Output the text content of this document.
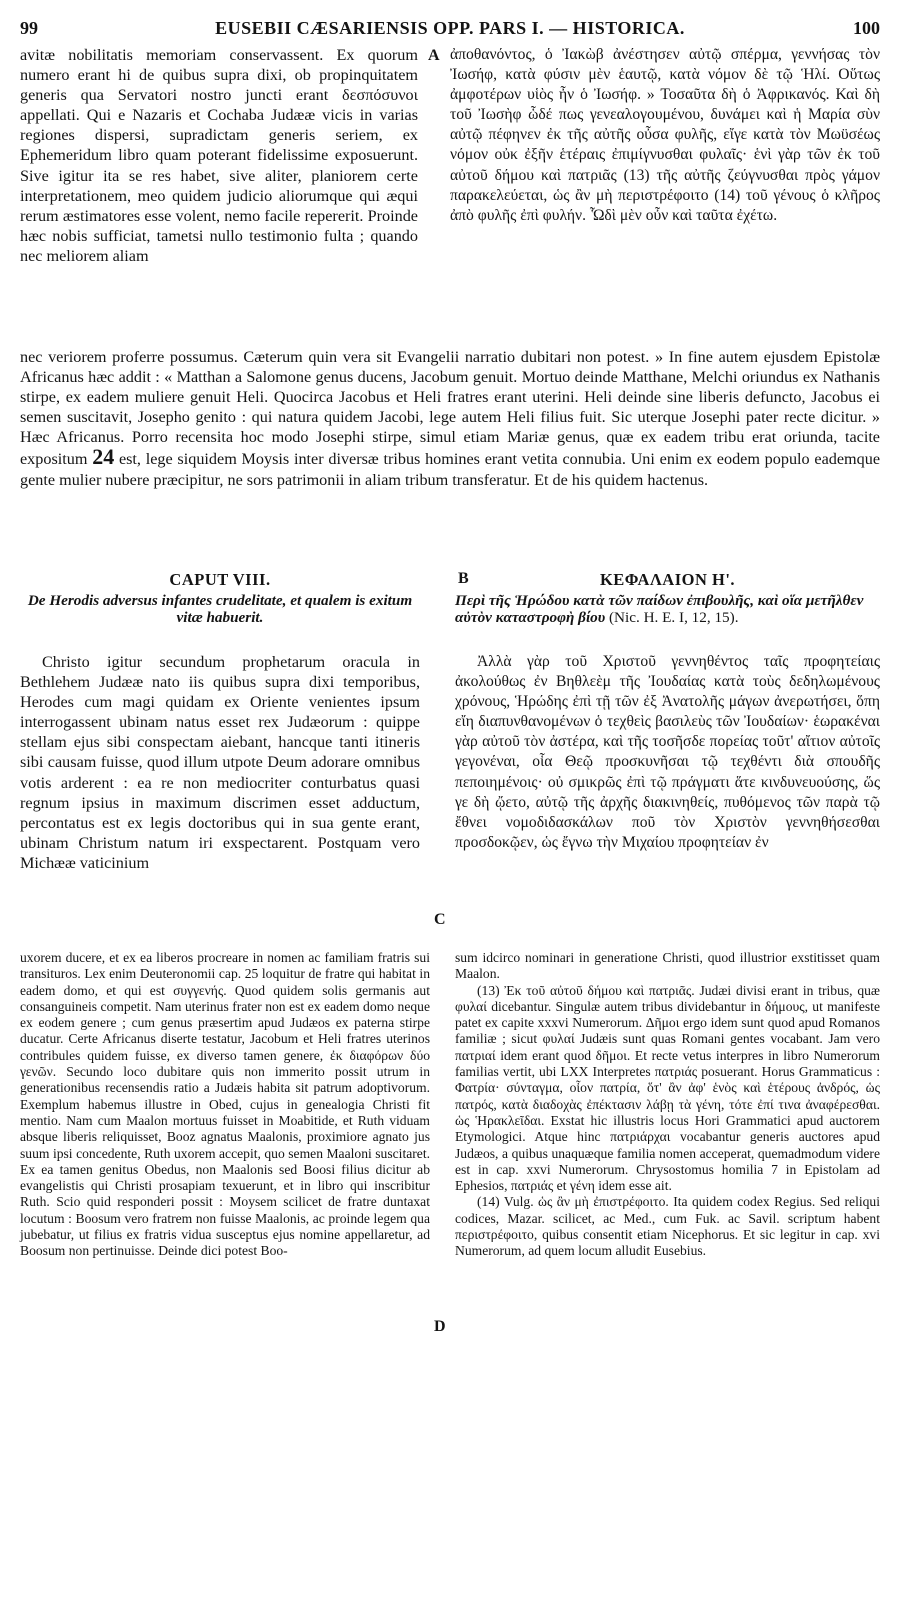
99	EUSEBII CÆSARIENSIS OPP. PARS I. — HISTORICA.	100

avitæ nobilitatis memoriam conservassent. Ex quorum numero erant hi de quibus supra dixi, ob propinquitatem generis qua Servatori nostro juncti erant δεσπόσυνοι appellati. Qui e Nazaris et Cochaba Judææ vicis in varias regiones dispersi, supradictam generis seriem, ex Ephemeridum libro quam poterant fidelissime exposuerunt. Sive igitur ita se res habet, sive aliter, planiorem certe interpretationem, meo quidem judicio aliorumque qui æqui rerum æstimatores esse volent, nemo facile repererit. Proinde hæc nobis sufficiat, tametsi nullo testimonio fulta ; quando nec meliorem aliam

A ἀποθανόντος, ὁ Ἰακὼβ ἀνέστησεν αὐτῷ σπέρμα, γεννήσας τὸν Ἰωσήφ, κατὰ φύσιν μὲν ἑαυτῷ, κατὰ νόμον δὲ τῷ Ἡλί. Οὕτως ἀμφοτέρων υἱὸς ἦν ὁ Ἰωσήφ. » Τοσαῦτα δὴ ὁ Ἀφρικανός. Καὶ δὴ τοῦ Ἰωσὴφ ὧδέ πως γενεαλογουμένου, δυνάμει καὶ ἡ Μαρία σὺν αὐτῷ πέφηνεν ἐκ τῆς αὐτῆς οὖσα φυλῆς, εἴγε κατὰ τὸν Μωϋσέως νόμον οὐκ ἐξῆν ἑτέραις ἐπιμίγνυσθαι φυλαῖς· ἑνὶ γὰρ τῶν ἐκ τοῦ αὐτοῦ δήμου καὶ πατριᾶς (13) τῆς αὐτῆς ζεύγνυσθαι πρὸς γάμον παρακελεύεται, ὡς ἂν μὴ περιστρέφοιτο (14) τοῦ γένους ὁ κλῆρος ἀπὸ φυλῆς ἐπὶ φυλήν. Ὧδὶ μὲν οὖν καὶ ταῦτα ἐχέτω.

nec veriorem proferre possumus. Cæterum quin vera sit Evangelii narratio dubitari non potest. » In fine autem ejusdem Epistolæ Africanus hæc addit : « Matthan a Salomone genus ducens, Jacobum genuit. Mortuo deinde Matthane, Melchi oriundus ex Nathanis stirpe, ex eadem muliere genuit Heli. Quocirca Jacobus et Heli fratres erant uterini. Heli deinde sine liberis defuncto, Jacobus ei semen suscitavit, Josepho genito : qui natura quidem Jacobi, lege autem Heli filius fuit. Sic uterque Josephi pater recte dicitur. » Hæc Africanus. Porro recensita hoc modo Josephi stirpe, simul etiam Mariæ genus, quæ ex eadem tribu erat oriunda, tacite expositum 24 est, lege siquidem Moysis inter diversæ tribus homines erant vetita connubia. Uni enim ex eodem populo eademque gente mulier nubere præcipitur, ne sors patrimonii in aliam tribum transferatur. Et de his quidem hactenus.

CAPUT VIII.	B	ΚΕΦΑΛΑΙΟΝ Η'.
De Herodis adversus infantes crudelitate, et qualem is exitum vitæ habuerit.
Περὶ τῆς Ἡρώδου κατὰ τῶν παίδων ἐπιβουλῆς, καὶ οἵα μετῆλθεν αὐτὸν καταστροφὴ βίου (Nic. H. E. I, 12, 15).

Christo igitur secundum prophetarum oracula in Bethlehem Judææ nato iis quibus supra dixi temporibus, Herodes cum magi quidam ex Oriente venientes ipsum interrogassent ubinam natus esset rex Judæorum : quippe stellam ejus sibi conspectam aiebant, hancque tanti itineris sibi causam fuisse, quod illum utpote Deum adorare omnibus votis arderent : ea re non mediocriter conturbatus quasi regnum ipsius in maximum discrimen esset adductum, percontatus est ex legis doctoribus qui in sua gente erant, ubinam Christum natum iri exspectarent. Postquam vero Michææ vaticinium

C

Ἀλλὰ γὰρ τοῦ Χριστοῦ γεννηθέντος ταῖς προφητείαις ἀκολούθως ἐν Βηθλεὲμ τῆς Ἰουδαίας κατὰ τοὺς δεδηλωμένους χρόνους, Ἡρώδης ἐπὶ τῇ τῶν ἐξ Ἀνατολῆς μάγων ἀνερωτήσει, ὅπη εἴη διαπυνθανομένων ὁ τεχθεὶς βασιλεὺς τῶν Ἰουδαίων· ἑωρακέναι γὰρ αὐτοῦ τὸν ἀστέρα, καὶ τῆς τοσῆσδε πορείας τοῦτ' αἴτιον αὐτοῖς γεγονέναι, οἷα Θεῷ προσκυνῆσαι τῷ τεχθέντι διὰ σπουδῆς πεποιημένοις· οὐ σμικρῶς ἐπὶ τῷ πράγματι ἅτε κινδυνευούσης, ὥς γε δὴ ᾤετο, αὐτῷ τῆς ἀρχῆς διακινηθείς, πυθόμενος τῶν παρὰ τῷ ἔθνει νομοδιδασκάλων ποῦ τὸν Χριστὸν γεννηθήσεσθαι προσδοκῷεν, ὡς ἔγνω τὴν Μιχαίου προφητείαν ἐν

uxorem ducere, et ex ea liberos procreare in nomen ac familiam fratris sui transituros. Lex enim Deuteronomii cap. 25 loquitur de fratre qui habitat in eadem domo, et qui est συγγενής. Quod quidem solis germanis aut consanguineis competit. Nam uterinus frater non est ex eadem domo neque ex eodem genere ; cum genus præsertim apud Judæos ex paterna stirpe ducatur. Certe Africanus diserte testatur, Jacobum et Heli fratres uterinos contribules quidem fuisse, ex diverso tamen genere, ἐκ διαφόρων δύο γενῶν. Secundo loco dubitare quis non immerito possit utrum in generationibus recensendis ratio a Judæis habita sit patrum adoptivorum. Exemplum habemus illustre in Obed, cujus in genealogia Christi fit mentio. Nam cum Maalon mortuus fuisset in Moabitide, et Ruth viduam absque liberis reliquisset, Booz agnatus Maalonis, proximiore agnato jus suum ipsi concedente, Ruth uxorem accepit, quo semen Maaloni suscitaret. Ex ea tamen genitus Obedus, non Maalonis sed Boosi filius dicitur ab evangelistis qui Christi prosapiam texuerunt, et in libro qui inscribitur Ruth. Scio quid responderi possit : Moysem scilicet de fratre duntaxat locutum : Boosum vero fratrem non fuisse Maalonis, ac proinde legem qua jubebatur, ut filius ex fratris vidua susceptus ejus nomine appellaretur, ad Boosum non pertinuisse. Deinde dici potest Boo-

D

sum idcirco nominari in generatione Christi, quod illustrior exstitisset quam Maalon.

(13) Ἐκ τοῦ αὐτοῦ δήμου καὶ πατριᾶς. Judæi divisi erant in tribus, quæ φυλαί dicebantur. Singulæ autem tribus dividebantur in δήμους, ut manifeste patet ex capite xxxvi Numerorum. Δῆμοι ergo idem sunt quod apud Romanos familiæ ; sicut φυλαί Judæis sunt quas Romani gentes vocabant. Jam vero πατριαί idem erant quod δῆμοι. Et recte vetus interpres in libro Numerorum familias vertit, ubi LXX Interpretes πατριάς posuerant. Horus Grammaticus : Φατρία· σύνταγμα, οἷον πατρία, ὅτ' ἂν ἀφ' ἑνὸς καὶ ἑτέρους ἀνδρός, ὡς πατρός, κατὰ διαδοχὰς ἐπέκτασιν λάβῃ τὰ γένη, τότε ἐπί τινα ἀναφέρεσθαι. ὡς Ἡρακλεῖδαι. Exstat hic illustris locus Hori Grammatici apud auctorem Etymologici. Atque hinc πατριάρχαι vocabantur generis auctores apud Judæos, a quibus unaquæque familia nomen acceperat, quemadmodum videre est in cap. xxvi Numerorum. Chrysostomus homilia 7 in Epistolam ad Ephesios, πατριάς et γένη idem esse ait.

(14) Vulg. ὡς ἂν μὴ ἐπιστρέφοιτο. Ita quidem codex Regius. Sed reliqui codices, Mazar. scilicet, ac Med., cum Fuk. ac Savil. scriptum habent περιστρέφοιτο, quibus consentit etiam Nicephorus. Et sic legitur in cap. xvi Numerorum, ad quem locum alludit Eusebius.
